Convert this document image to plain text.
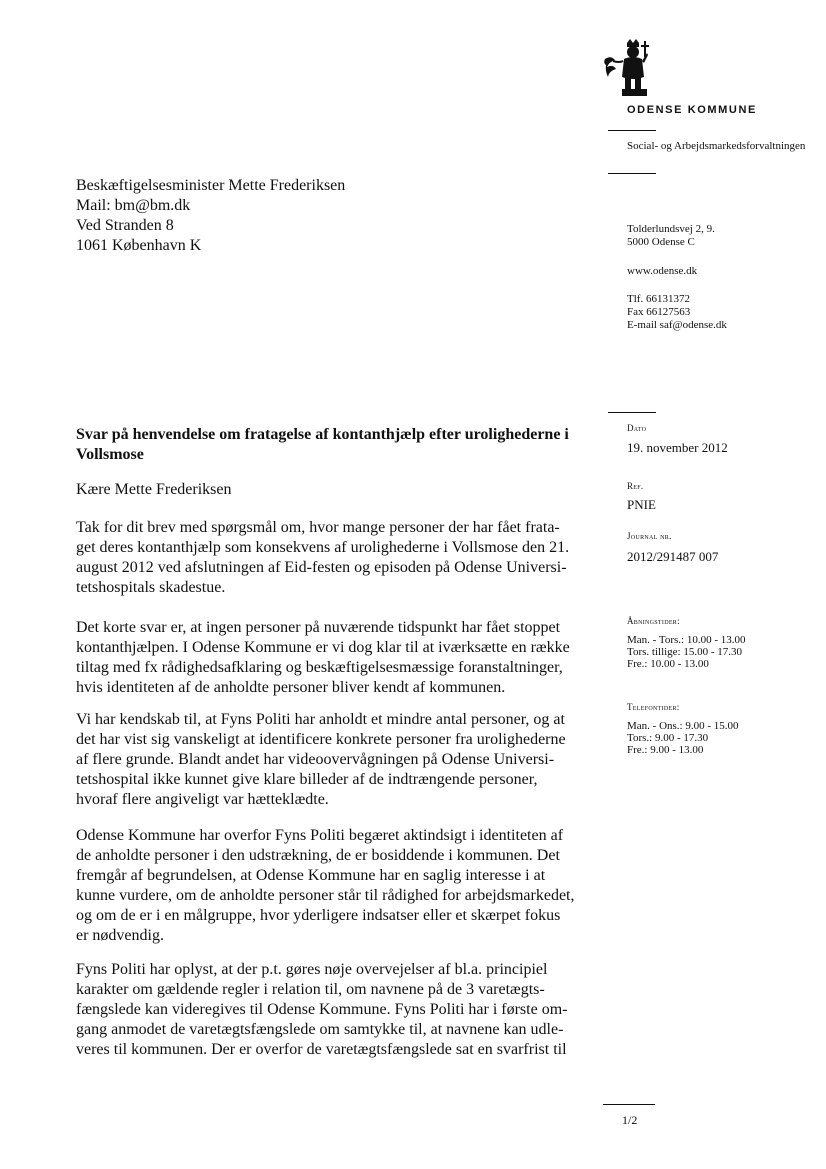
ODENSE KOMMUNE
Social- og Arbejdsmarkedsforvaltningen
Beskæftigelsesminister Mette Frederiksen
Mail: bm@bm.dk
Ved Stranden 8
1061 København K
Tolderlundsvej 2, 9.
5000 Odense C
www.odense.dk
Tlf. 66131372
Fax 66127563
E-mail saf@odense.dk
Svar på henvendelse om fratagelse af kontanthjælp efter urolighederne i Vollsmose
Kære Mette Frederiksen
Tak for dit brev med spørgsmål om, hvor mange personer der har fået frata-
get deres kontanthjælp som konsekvens af urolighederne i Vollsmose den 21.
august 2012 ved afslutningen af Eid-festen og episoden på Odense Universi-
tetshospitals skadestue.
Det korte svar er, at ingen personer på nuværende tidspunkt har fået stoppet
kontanthjælpen. I Odense Kommune er vi dog klar til at iværksætte en række
tiltag med fx rådighedsafklaring og beskæftigelsesmæssige foranstaltninger,
hvis identiteten af de anholdte personer bliver kendt af kommunen.
Vi har kendskab til, at Fyns Politi har anholdt et mindre antal personer, og at
det har vist sig vanskeligt at identificere konkrete personer fra urolighederne
af flere grunde. Blandt andet har videoovervågningen på Odense Universi-
tetshospital ikke kunnet give klare billeder af de indtrængende personer,
hvoraf flere angiveligt var hætteklædte.
Odense Kommune har overfor Fyns Politi begæret aktindsigt i identiteten af
de anholdte personer i den udstrækning, de er bosiddende i kommunen. Det
fremgår af begrundelsen, at Odense Kommune har en saglig interesse i at
kunne vurdere, om de anholdte personer står til rådighed for arbejdsmarkedet,
og om de er i en målgruppe, hvor yderligere indsatser eller et skærpet fokus
er nødvendig.
Fyns Politi har oplyst, at der p.t. gøres nøje overvejelser af bl.a. principiel
karakter om gældende regler i relation til, om navnene på de 3 varetægts-
fængslede kan videregives til Odense Kommune. Fyns Politi har i første om-
gang anmodet de varetægtsfængslede om samtykke til, at navnene kan udle-
veres til kommunen. Der er overfor de varetægtsfængslede sat en svarfrist til
Dato
19. november 2012
Ref.
PNIE
Journal nr.
2012/291487 007
Åbningstider:
Man. - Tors.: 10.00 - 13.00
Tors. tillige: 15.00 - 17.30
Fre.: 10.00 - 13.00
Telefontider:
Man. - Ons.: 9.00 - 15.00
Tors.: 9.00 - 17.30
Fre.: 9.00 - 13.00
1/2
